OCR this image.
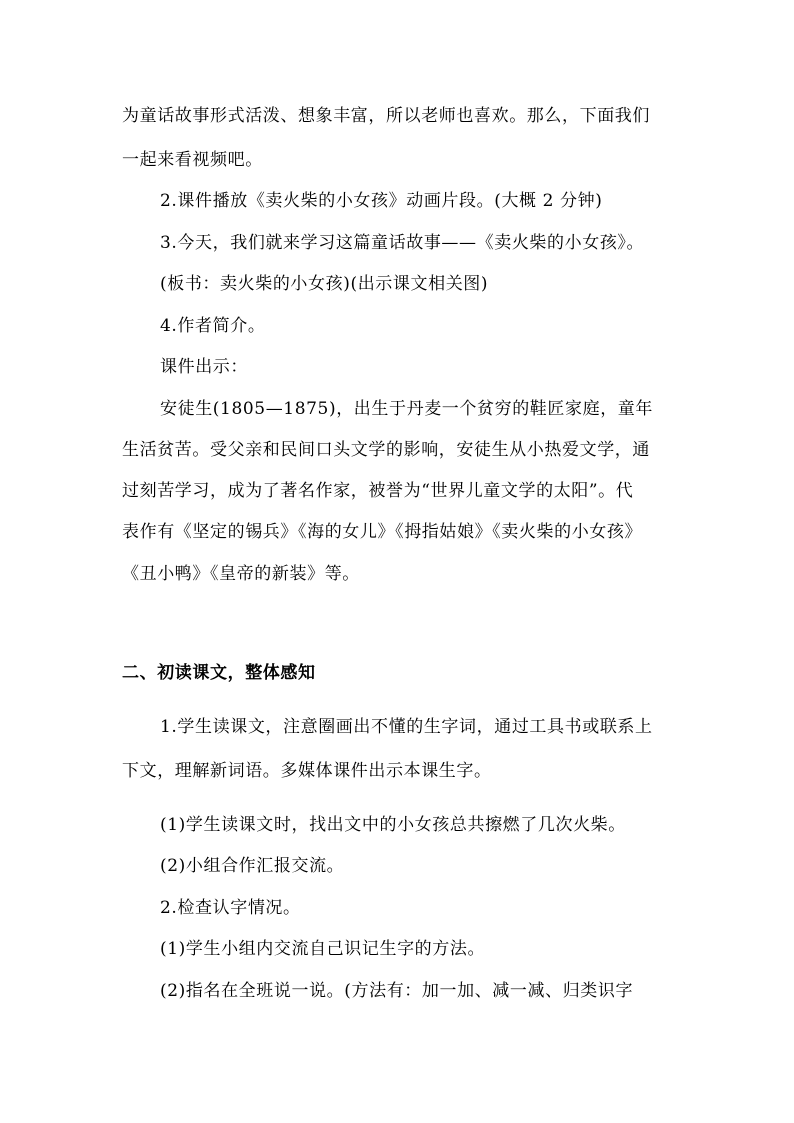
为童话故事形式活泼、想象丰富，所以老师也喜欢。那么，下面我们
一起来看视频吧。
2.课件播放《卖火柴的小女孩》动画片段。(大概 2 分钟)
3.今天，我们就来学习这篇童话故事——《卖火柴的小女孩》。
(板书：卖火柴的小女孩)(出示课文相关图)
4.作者简介。
课件出示：
安徒生(1805—1875)，出生于丹麦一个贫穷的鞋匠家庭，童年
生活贫苦。受父亲和民间口头文学的影响，安徒生从小热爱文学，通
过刻苦学习，成为了著名作家，被誉为“世界儿童文学的太阳”。代
表作有《坚定的锡兵》《海的女儿》《拇指姑娘》《卖火柴的小女孩》
《丑小鸭》《皇帝的新装》等。
二、初读课文，整体感知
1.学生读课文，注意圈画出不懂的生字词，通过工具书或联系上
下文，理解新词语。多媒体课件出示本课生字。
(1)学生读课文时，找出文中的小女孩总共擦燃了几次火柴。
(2)小组合作汇报交流。
2.检查认字情况。
(1)学生小组内交流自己识记生字的方法。
(2)指名在全班说一说。(方法有：加一加、减一减、归类识字
